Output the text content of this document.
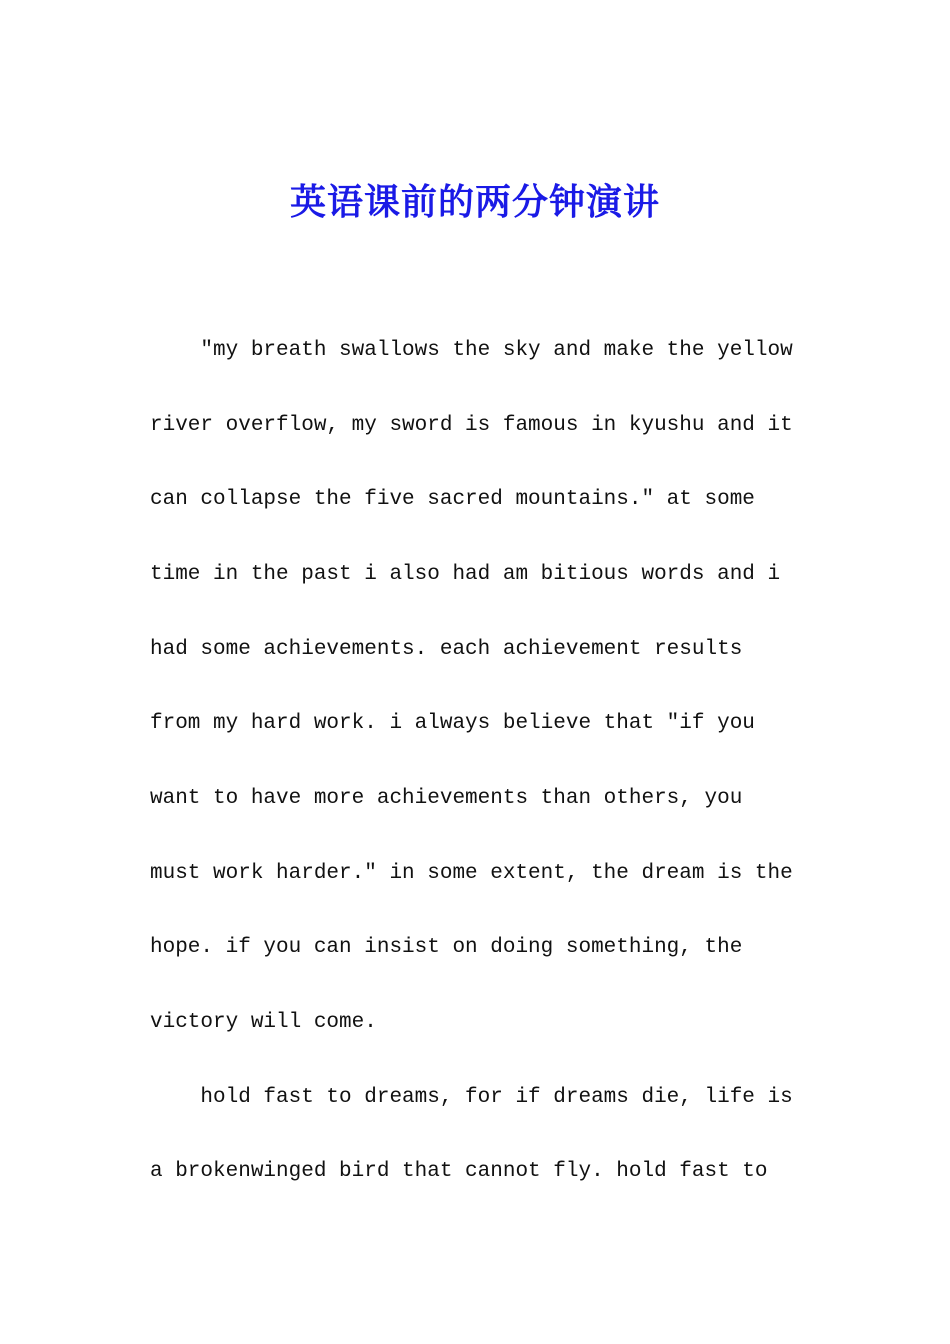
英语课前的两分钟演讲
"my breath swallows the sky and make the yellow
river overflow, my sword is famous in kyushu and it
can collapse the five sacred mountains." at some
time in the past i also had am bitious words and i
had some achievements. each achievement results
from my hard work. i always believe that "if you
want to have more achievements than others, you
must work harder." in some extent, the dream is the
hope. if you can insist on doing something, the
victory will come.
hold fast to dreams, for if dreams die, life is
a brokenwinged bird that cannot fly. hold fast to
